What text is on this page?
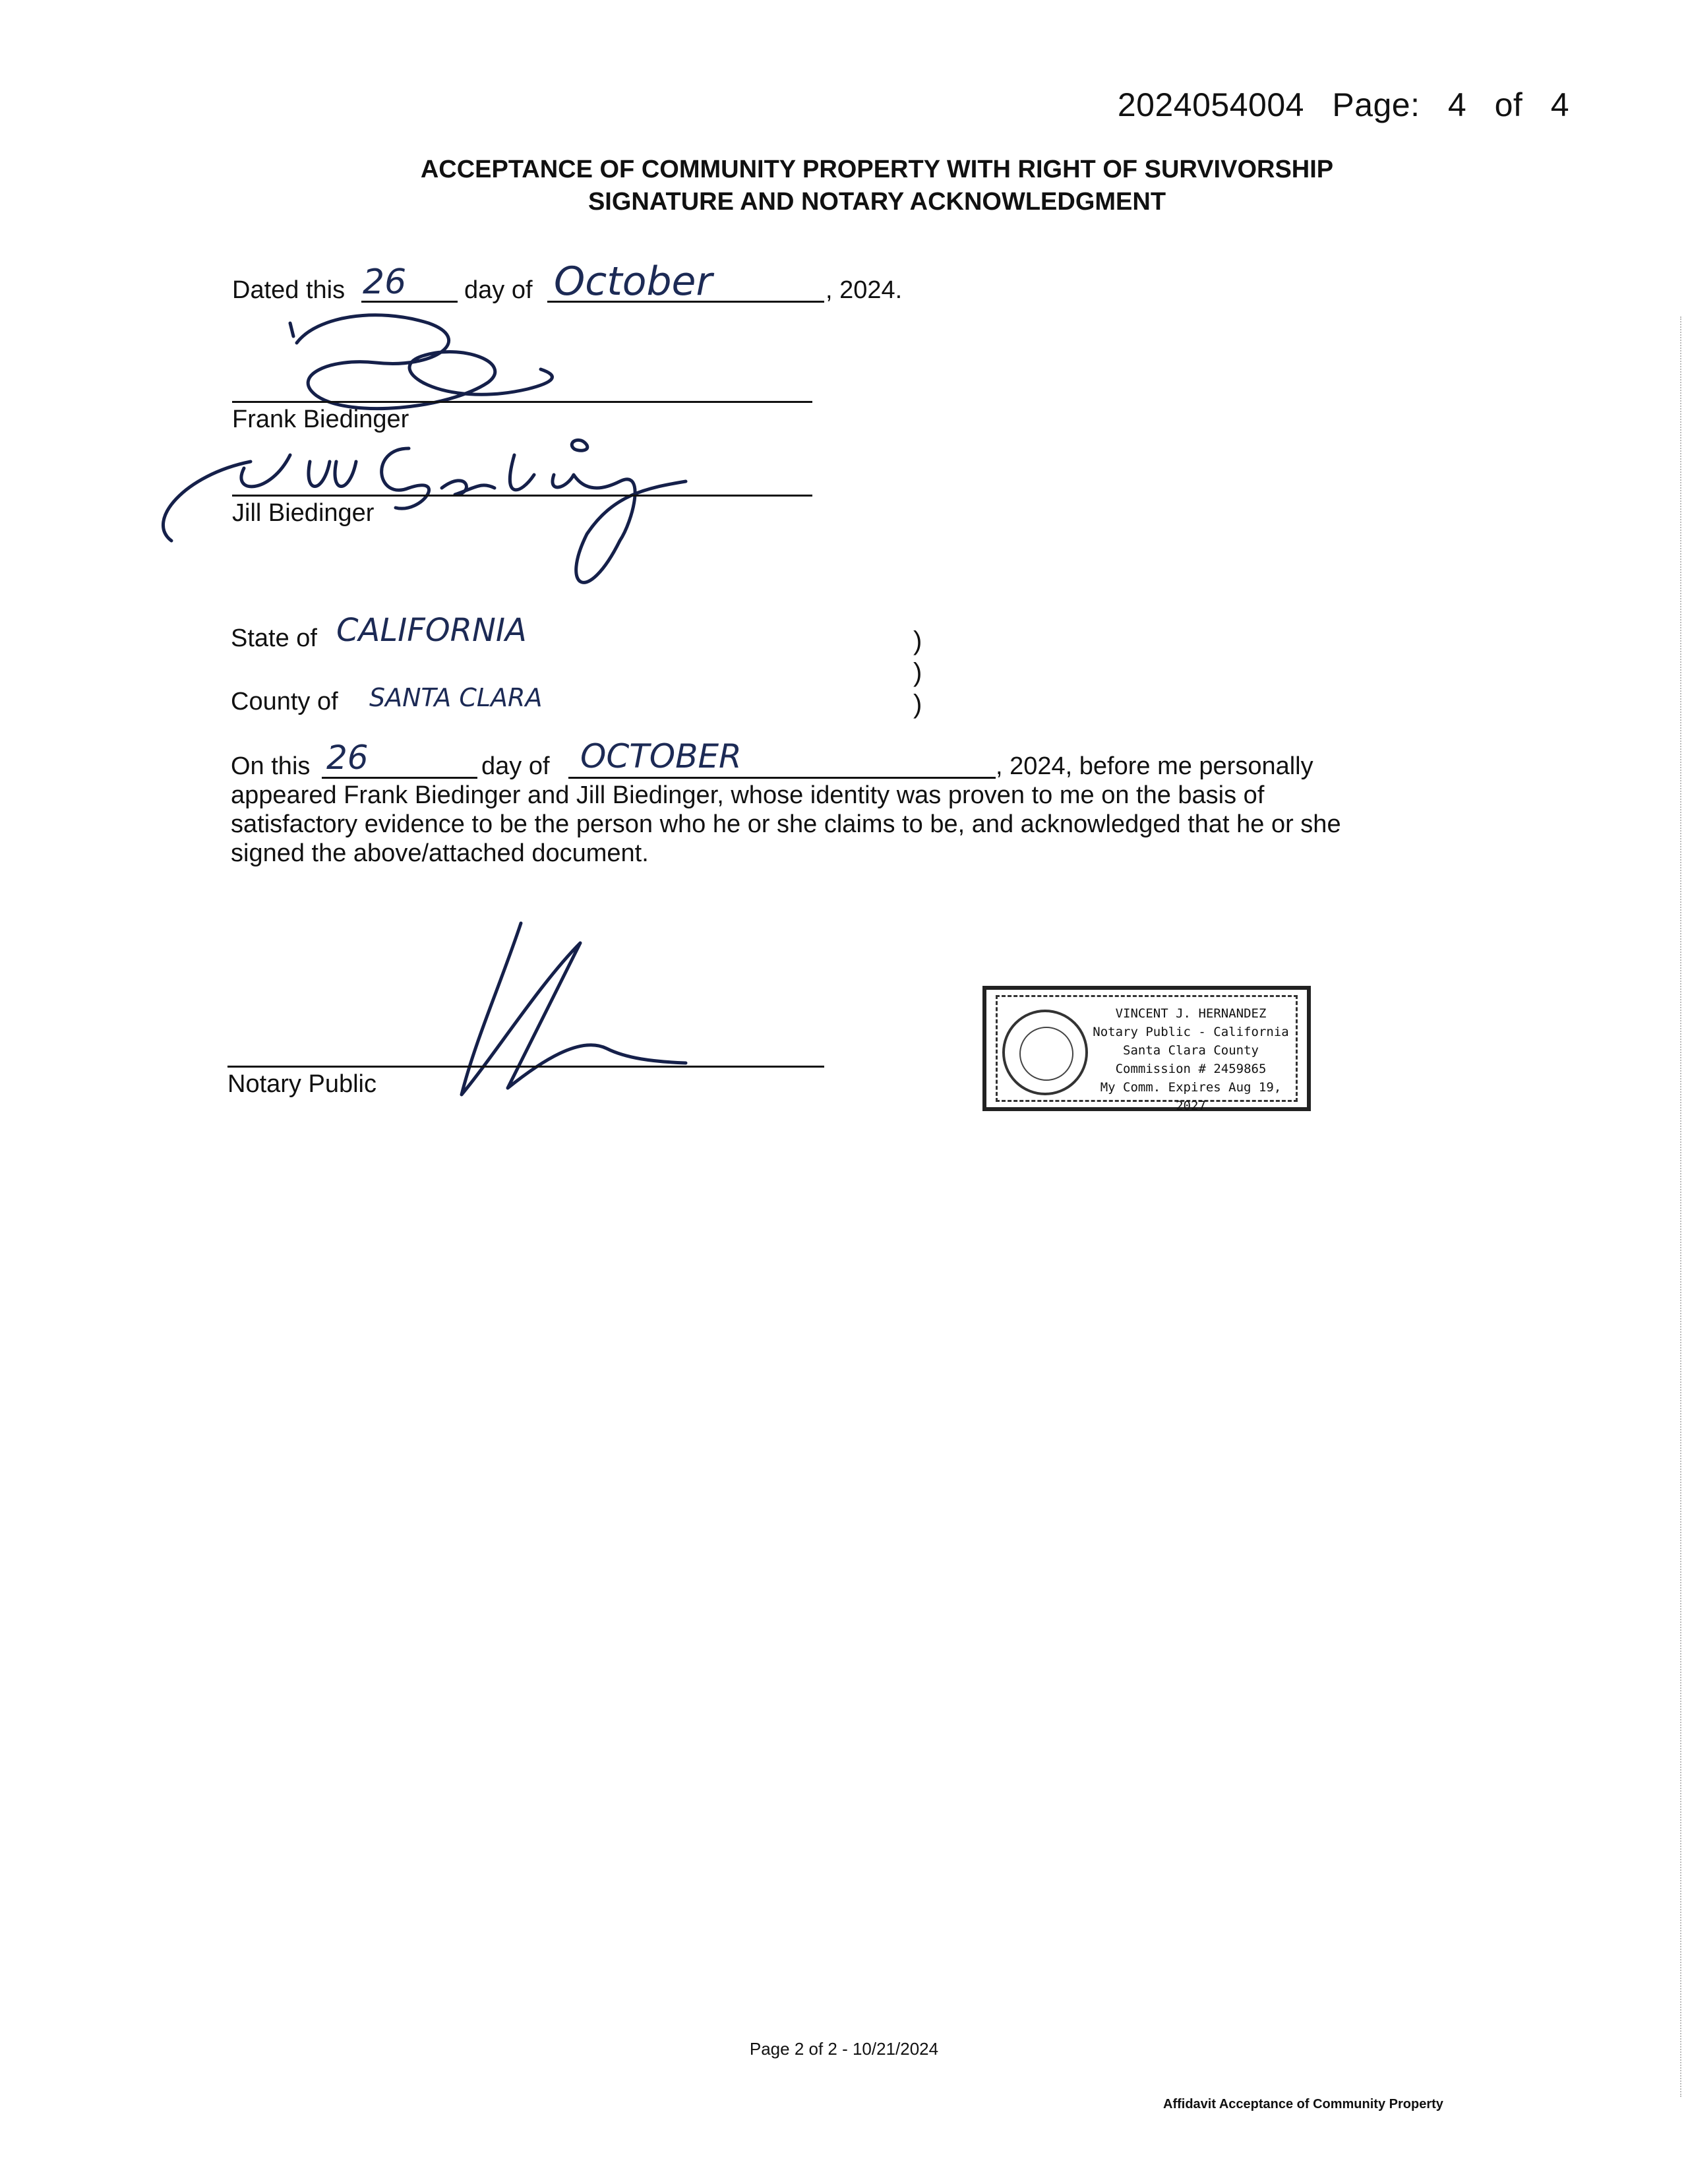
2024054004 Page: 4 of 4
ACCEPTANCE OF COMMUNITY PROPERTY WITH RIGHT OF SURVIVORSHIP
SIGNATURE AND NOTARY ACKNOWLEDGMENT
Dated this 26 day of October	, 2024.
Frank Biedinger
Jill Biedinger
State of CALIFORNIA
County of SANTA CLARA
)
)
)
On this 26	day of OCTOBER	, 2024, before me personally
appeared Frank Biedinger and Jill Biedinger, whose identity was proven to me on the basis of
satisfactory evidence to be the person who he or she claims to be, and acknowledged that he or she
signed the above/attached document.
Notary Public
VINCENT J. HERNANDEZ
Notary Public - California
Santa Clara County
Commission # 2459865
My Comm. Expires Aug 19, 2027
Page 2 of 2 - 10/21/2024
Affidavit Acceptance of Community Property
